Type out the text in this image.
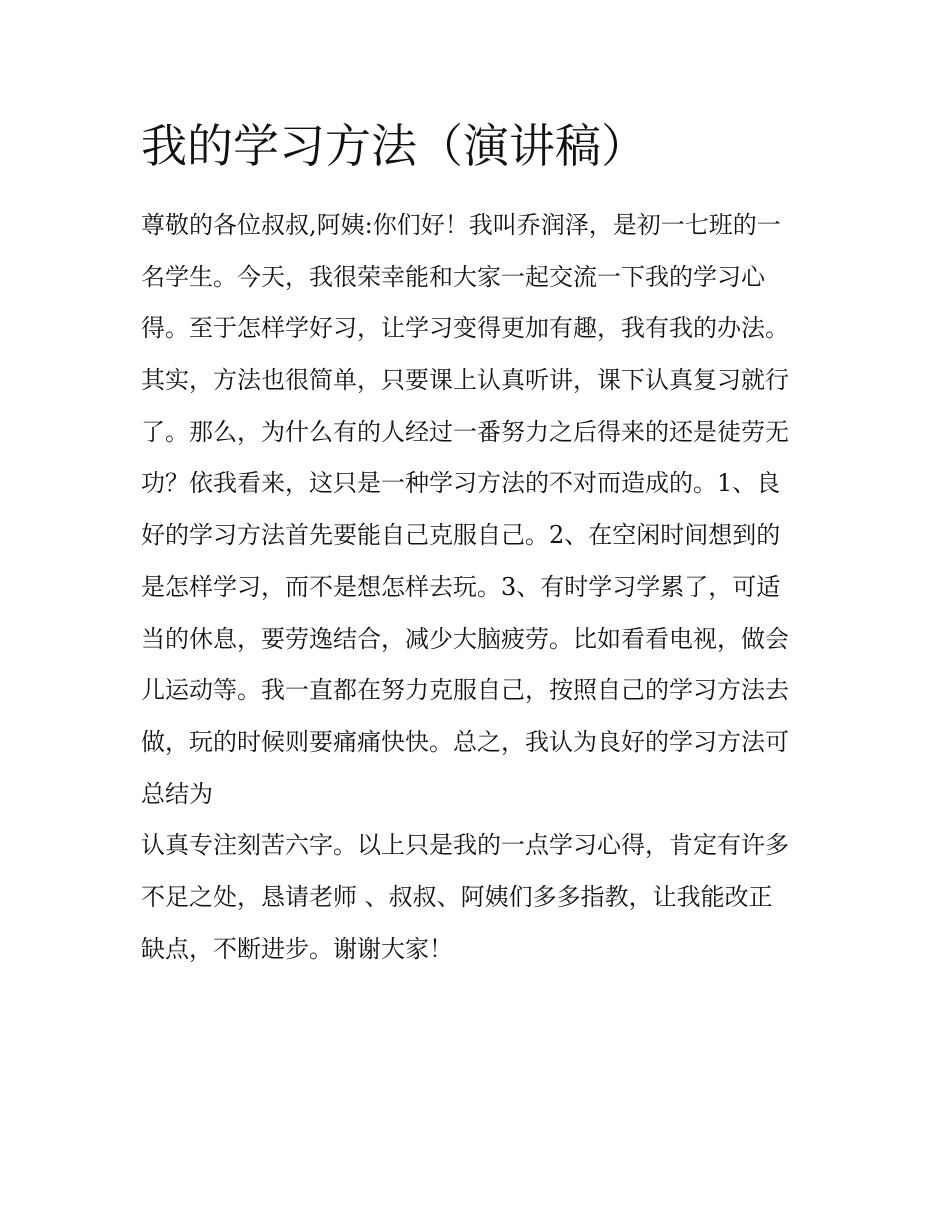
我的学习方法（演讲稿）

尊敬的各位叔叔,阿姨:你们好！我叫乔润泽，是初一七班的一

名学生。今天，我很荣幸能和大家一起交流一下我的学习心

得。至于怎样学好习，让学习变得更加有趣，我有我的办法。

其实，方法也很简单，只要课上认真听讲，课下认真复习就行

了。那么，为什么有的人经过一番努力之后得来的还是徒劳无

功？依我看来，这只是一种学习方法的不对而造成的。1、良

好的学习方法首先要能自己克服自己。2、在空闲时间想到的

是怎样学习，而不是想怎样去玩。3、有时学习学累了，可适

当的休息，要劳逸结合，减少大脑疲劳。比如看看电视，做会

儿运动等。我一直都在努力克服自己，按照自己的学习方法去

做，玩的时候则要痛痛快快。总之，我认为良好的学习方法可

总结为

认真专注刻苦六字。以上只是我的一点学习心得，肯定有许多

不足之处，恳请老师 、叔叔、阿姨们多多指教，让我能改正

缺点，不断进步。谢谢大家！
